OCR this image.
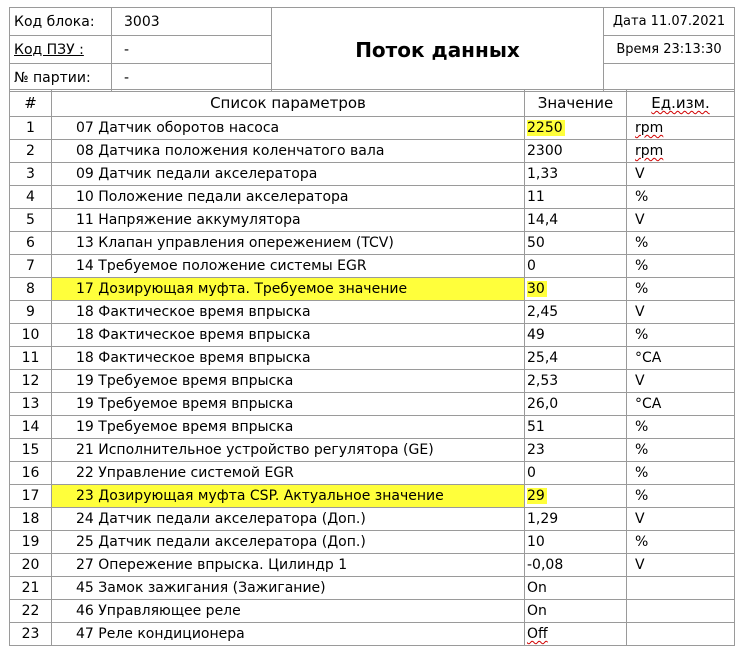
Код блока:	3003	Поток данных	Дата 11.07.2021
Код ПЗУ :	-		Время 23:13:30
№ партии:	-		
#	Список параметров	Значение	Ед.изм.
1	07 Датчик оборотов насоса	2250	rpm
2	08 Датчика положения коленчатого вала	2300	rpm
3	09 Датчик педали акселератора	1,33	V
4	10 Положение педали акселератора	11	%
5	11 Напряжение аккумулятора	14,4	V
6	13 Клапан управления опережением (TCV)	50	%
7	14 Требуемое положение системы EGR	0	%
8	17 Дозирующая муфта. Требуемое значение	30	%
9	18 Фактическое время впрыска	2,45	V
10	18 Фактическое время впрыска	49	%
11	18 Фактическое время впрыска	25,4	°CA
12	19 Требуемое время впрыска	2,53	V
13	19 Требуемое время впрыска	26,0	°CA
14	19 Требуемое время впрыска	51	%
15	21 Исполнительное устройство регулятора (GE)	23	%
16	22 Управление системой EGR	0	%
17	23 Дозирующая муфта CSP. Актуальное значение	29	%
18	24 Датчик педали акселератора (Доп.)	1,29	V
19	25 Датчик педали акселератора (Доп.)	10	%
20	27 Опережение впрыска. Цилиндр 1	-0,08	V
21	45 Замок зажигания (Зажигание)	On	
22	46 Управляющее реле	On	
23	47 Реле кондиционера	Off	
